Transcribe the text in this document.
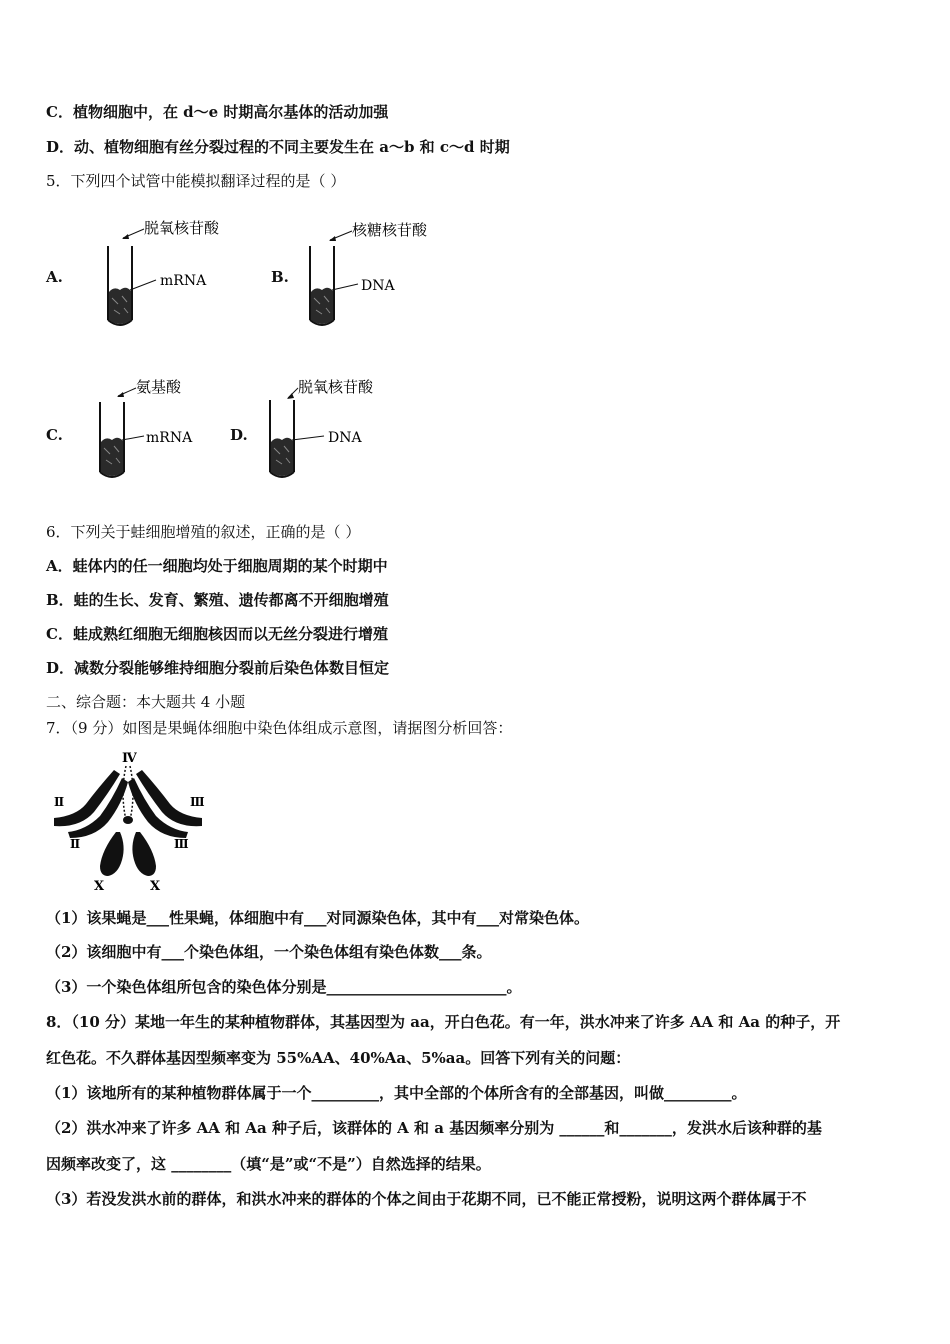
C．植物细胞中，在 d～e 时期高尔基体的活动加强
D．动、植物细胞有丝分裂过程的不同主要发生在 a～b 和 c～d 时期
5．下列四个试管中能模拟翻译过程的是（ ）
A.
脱氧核苷酸
mRNA	B.
核糖核苷酸
DNA
C.
氨基酸
mRNA	D.
脱氧核苷酸
DNA
6．下列关于蛙细胞增殖的叙述，正确的是（ ）
A．蛙体内的任一细胞均处于细胞周期的某个时期中
B．蛙的生长、发育、繁殖、遗传都离不开细胞增殖
C．蛙成熟红细胞无细胞核因而以无丝分裂进行增殖
D．减数分裂能够维持细胞分裂前后染色体数目恒定
二、综合题：本大题共 4 小题
7．（9 分）如图是果蝇体细胞中染色体组成示意图，请据图分析回答：
Ⅳ
Ⅱ
Ⅱ
Ⅲ
Ⅲ
X	X
（1）该果蝇是___性果蝇，体细胞中有___对同源染色体，其中有___对常染色体。
（2）该细胞中有___个染色体组，一个染色体组有染色体数___条。
（3）一个染色体组所包含的染色体分别是________________________。
8．（10 分）某地一年生的某种植物群体，其基因型为 aa，开白色花。有一年，洪水冲来了许多 AA 和 Aa 的种子，开
红色花。不久群体基因型频率变为 55%AA、40%Aa、5%aa。回答下列有关的问题：
（1）该地所有的某种植物群体属于一个_________，其中全部的个体所含有的全部基因，叫做_________。
（2）洪水冲来了许多 AA 和 Aa 种子后，该群体的 A 和 a 基因频率分别为 ______和_______，发洪水后该种群的基
因频率改变了，这 ________（填“是”或“不是”）自然选择的结果。
（3）若没发洪水前的群体，和洪水冲来的群体的个体之间由于花期不同，已不能正常授粉，说明这两个群体属于不
